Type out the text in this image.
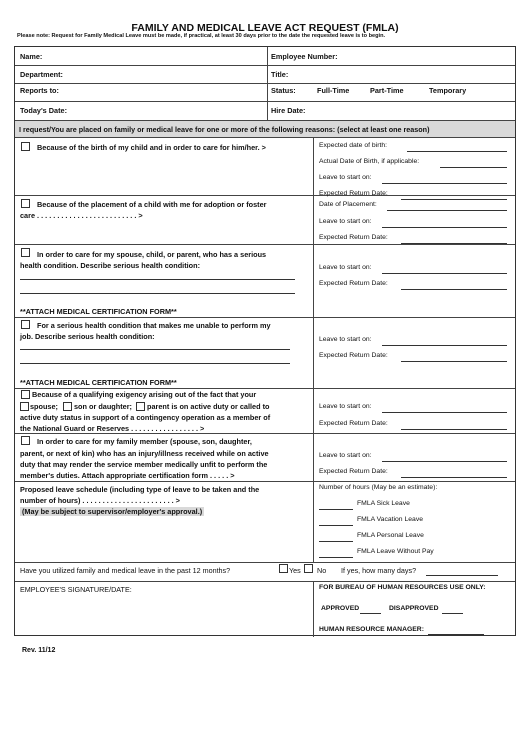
FAMILY AND MEDICAL LEAVE ACT REQUEST (FMLA)
Please note: Request for Family Medical Leave must be made, if practical, at least 30 days prior to the date the requested leave is to begin.
Name:	Employee Number:
Department:	Title:
Reports to:	Status:	Full-Time	Part-Time	Temporary
Today's Date:	Hire Date:
I request/You are placed on family or medical leave for one or more of the following reasons: (select at least one reason)
Because of the birth of my child and in order to care for him/her. >	Expected date of birth:
Actual Date of Birth, if applicable:
Leave to start on:
Expected Return Date:
Because of the placement of a child with me for adoption or foster
care . . . . . . . . . . . . . . . . . . . . . . . . . >
Date of Placement:
Leave to start on:
Expected Return Date:
In order to care for my spouse, child, or parent, who has a serious
health condition. Describe serious health condition:
**ATTACH MEDICAL CERTIFICATION FORM**
Leave to start on:
Expected Return Date:
For a serious health condition that makes me unable to perform my
job. Describe serious health condition:
**ATTACH MEDICAL CERTIFICATION FORM**
Leave to start on:
Expected Return Date:
Because of a qualifying exigency arising out of the fact that your
spouse; son or daughter; parent is on active duty or called to
active duty status in support of a contingency operation as a member of
the National Guard or Reserves . . . . . . . . . . . . . . . . . >
Leave to start on:
Expected Return Date:
In order to care for my family member (spouse, son, daughter,
parent, or next of kin) who has an injury/illness received while on active
duty that may render the service member medically unfit to perform the
member's duties. Attach appropriate certification form . . . . . >
Leave to start on:
Expected Return Date:
Proposed leave schedule (including type of leave to be taken and the
number of hours) . . . . . . . . . . . . . . . . . . . . . . . >
(May be subject to supervisor/employer's approval.)
Number of hours (May be an estimate):
FMLA Sick Leave
FMLA Vacation Leave
FMLA Personal Leave
FMLA Leave Without Pay
Have you utilized family and medical leave in the past 12 months?	Yes No If yes, how many days?
EMPLOYEE'S SIGNATURE/DATE:	FOR BUREAU OF HUMAN RESOURCES USE ONLY:
APPROVED	DISAPPROVED
HUMAN RESOURCE MANAGER:
Rev. 11/12
